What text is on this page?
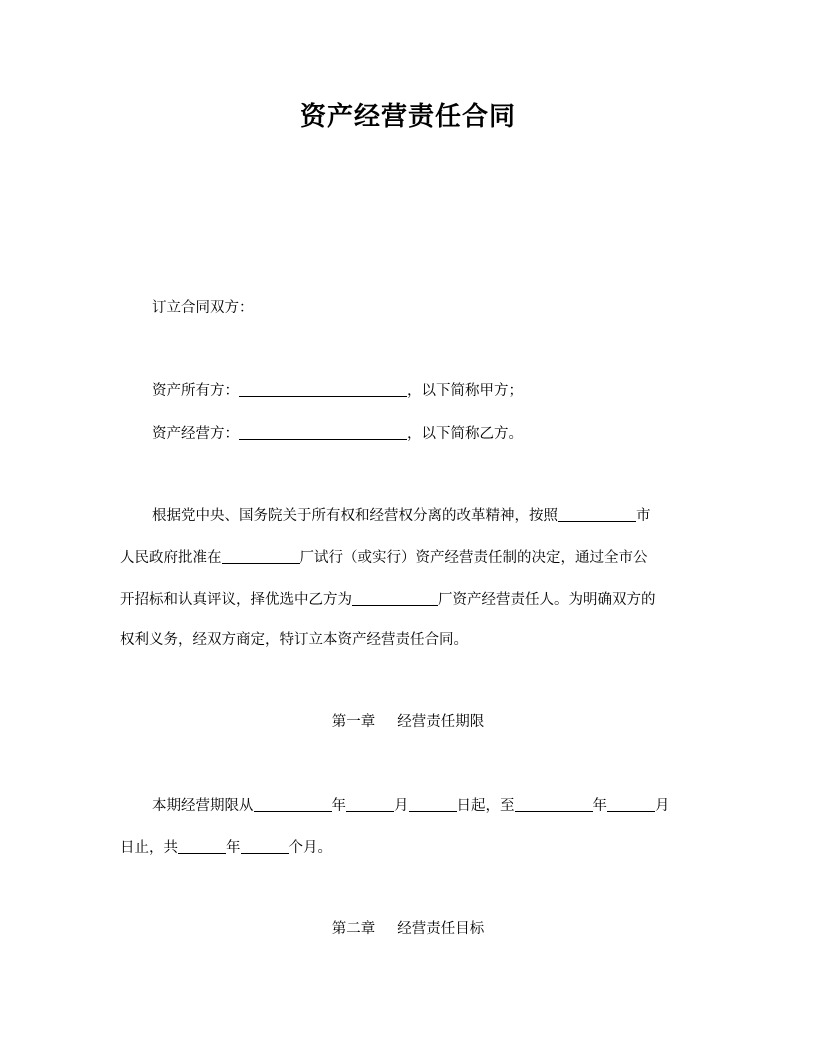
资产经营责任合同
订立合同双方：
资产所有方：	，以下简称甲方；
资产经营方：	，以下简称乙方。
根据党中央、国务院关于所有权和经营权分离的改革精神，按照	市
人民政府批准在	厂试行（或实行）资产经营责任制的决定，通过全市公
开招标和认真评议，择优选中乙方为	厂资产经营责任人。为明确双方的
权利义务，经双方商定，特订立本资产经营责任合同。
第一章 经营责任期限
本期经营期限从	年	月	日起，至	年	月
日止，共	年	个月。
第二章 经营责任目标
